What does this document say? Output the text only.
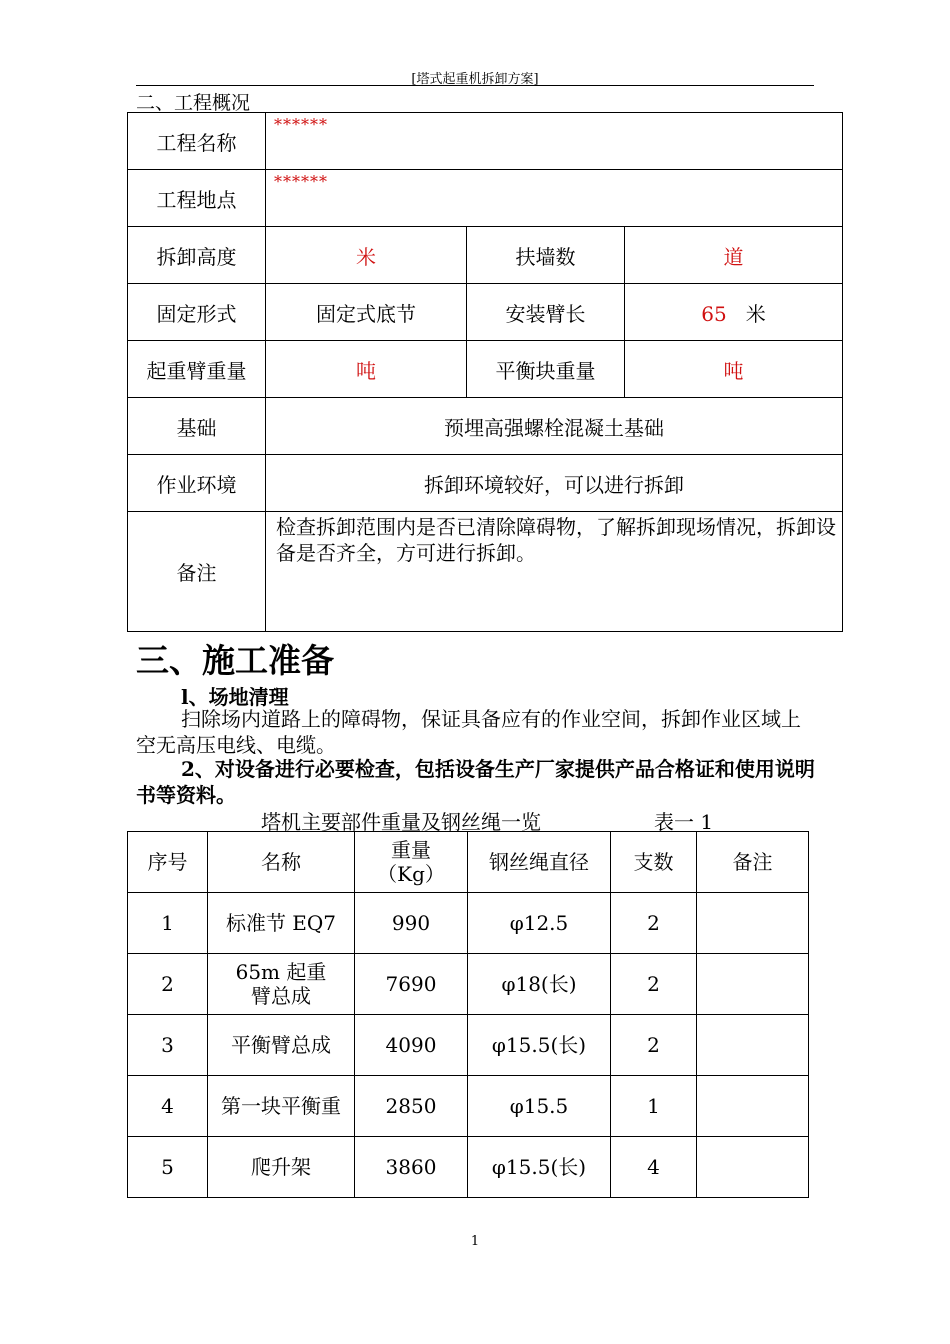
[塔式起重机拆卸方案]
二、工程概况
工程名称	******		
工程地点	******		
拆卸高度	米	扶墙数	道
固定形式	固定式底节	安装臂长	65 米
起重臂重量	吨	平衡块重量	吨
基础	预埋高强螺栓混凝土基础		
作业环境	拆卸环境较好，可以进行拆卸		
备注	检查拆卸范围内是否已清除障碍物，了解拆卸现场情况，拆卸设备是否齐全，方可进行拆卸。		
三、施工准备
l、场地清理
扫除场内道路上的障碍物，保证具备应有的作业空间，拆卸作业区域上空无高压电线、电缆。
2、对设备进行必要检查，包括设备生产厂家提供产品合格证和使用说明书等资料。
塔机主要部件重量及钢丝绳一览	表一 1
序号	名称	重量（Kg）	钢丝绳直径	支数	备注
1	标准节 EQ7	990	φ12.5	2	
2	65m 起重臂总成	7690	φ18(长)	2	
3	平衡臂总成	4090	φ15.5(长)	2	
4	第一块平衡重	2850	φ15.5	1	
5	爬升架	3860	φ15.5(长)	4	
1
